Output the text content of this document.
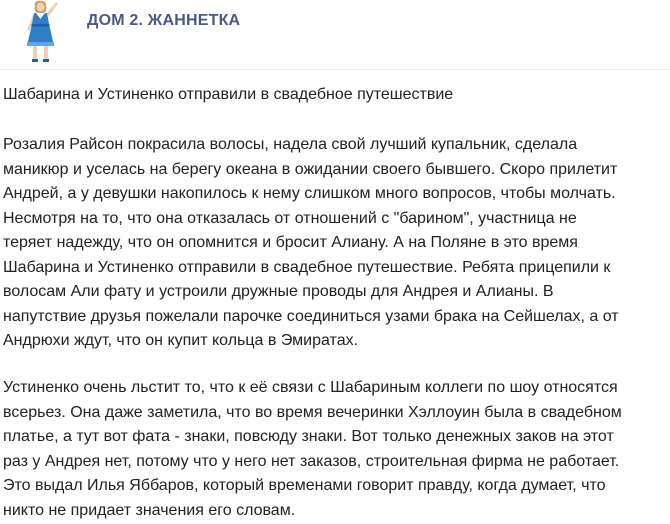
ДОМ 2. ЖАННЕТКА
Шабарина и Устиненко отправили в свадебное путешествие

Розалия Райсон покрасила волосы, надела свой лучший купальник, сделала
маникюр и уселась на берегу океана в ожидании своего бывшего. Скоро прилетит
Андрей, а у девушки накопилось к нему слишком много вопросов, чтобы молчать.
Несмотря на то, что она отказалась от отношений с "барином", участница не
теряет надежду, что он опомнится и бросит Алиану. А на Поляне в это время
Шабарина и Устиненко отправили в свадебное путешествие. Ребята прицепили к
волосам Али фату и устроили дружные проводы для Андрея и Алианы. В
напутствие друзья пожелали парочке соединиться узами брака на Сейшелах, а от
Андрюхи ждут, что он купит кольца в Эмиратах.

Устиненко очень льстит то, что к её связи с Шабариным коллеги по шоу относятся
всерьез. Она даже заметила, что во время вечеринки Хэллоуин была в свадебном
платье, а тут вот фата - знаки, повсюду знаки. Вот только денежных заков на этот
раз у Андрея нет, потому что у него нет заказов, строительная фирма не работает.
Это выдал Илья Яббаров, который временами говорит правду, когда думает, что
никто не придает значения его словам.
